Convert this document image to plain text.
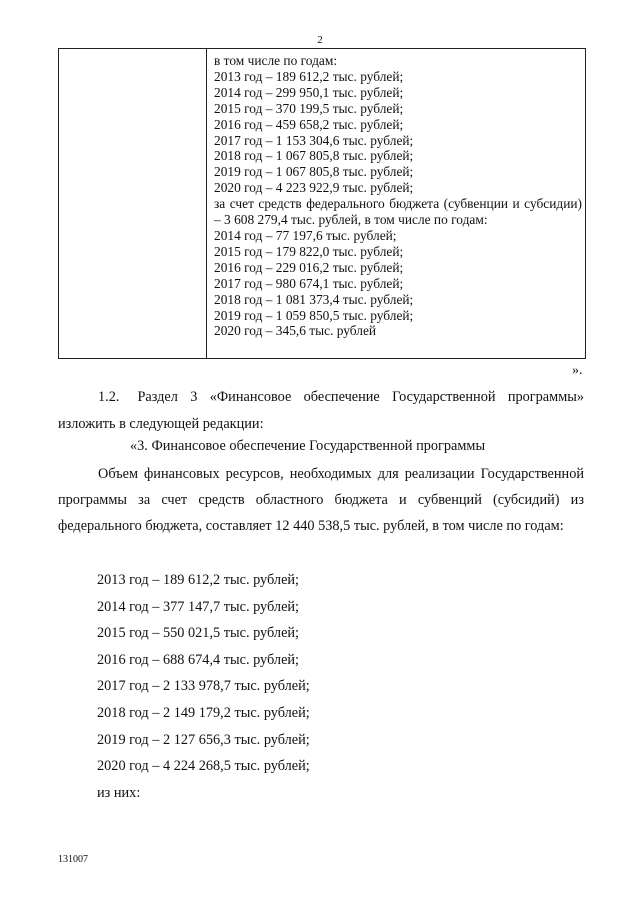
2
в том числе по годам:
2013 год – 189 612,2 тыс. рублей;
2014 год – 299 950,1 тыс. рублей;
2015 год – 370 199,5 тыс. рублей;
2016 год – 459 658,2 тыс. рублей;
2017 год – 1 153 304,6 тыс. рублей;
2018 год – 1 067 805,8 тыс. рублей;
2019 год – 1 067 805,8 тыс. рублей;
2020 год – 4 223 922,9 тыс. рублей;
за счет средств федерального бюджета (субвенции и субсидии) – 3 608 279,4 тыс. рублей, в том числе по годам:
2014 год – 77 197,6 тыс. рублей;
2015 год – 179 822,0 тыс. рублей;
2016 год – 229 016,2 тыс. рублей;
2017 год – 980 674,1 тыс. рублей;
2018 год – 1 081 373,4 тыс. рублей;
2019 год – 1 059 850,5 тыс. рублей;
2020 год – 345,6 тыс. рублей
».
1.2. Раздел 3 «Финансовое обеспечение Государственной программы» изложить в следующей редакции:
«3. Финансовое обеспечение Государственной программы
Объем финансовых ресурсов, необходимых для реализации Государственной программы за счет средств областного бюджета и субвенций (субсидий) из федерального бюджета, составляет 12 440 538,5 тыс. рублей, в том числе по годам:
2013 год – 189 612,2 тыс. рублей;
2014 год – 377 147,7 тыс. рублей;
2015 год – 550 021,5 тыс. рублей;
2016 год – 688 674,4 тыс. рублей;
2017 год – 2 133 978,7 тыс. рублей;
2018 год – 2 149 179,2 тыс. рублей;
2019 год – 2 127 656,3 тыс. рублей;
2020 год – 4 224 268,5 тыс. рублей;
из них:
131007
